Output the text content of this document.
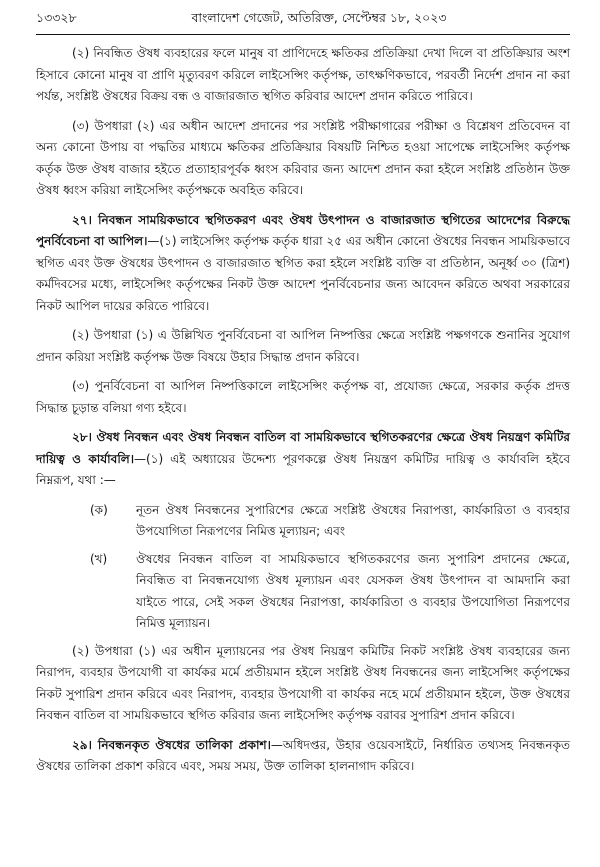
১৩৩২৮	বাংলাদেশ গেজেট, অতিরিক্ত, সেপ্টেম্বর ১৮, ২০২৩

(২) নিবন্ধিত ঔষধ ব্যবহারের ফলে মানুষ বা প্রাণিদেহে ক্ষতিকর প্রতিক্রিয়া দেখা দিলে বা প্রতিক্রিয়ার অংশ হিসাবে কোনো মানুষ বা প্রাণি মৃত্যুবরণ করিলে লাইসেন্সিং কর্তৃপক্ষ, তাৎক্ষণিকভাবে, পরবর্তী নির্দেশ প্রদান না করা পর্যন্ত, সংশ্লিষ্ট ঔষধের বিক্রয় বন্ধ ও বাজারজাত স্থগিত করিবার আদেশ প্রদান করিতে পারিবে।

(৩) উপধারা (২) এর অধীন আদেশ প্রদানের পর সংশ্লিষ্ট পরীক্ষাগারের পরীক্ষা ও বিশ্লেষণ প্রতিবেদন বা অন্য কোনো উপায় বা পদ্ধতির মাধ্যমে ক্ষতিকর প্রতিক্রিয়ার বিষয়টি নিশ্চিত হওয়া সাপেক্ষে লাইসেন্সিং কর্তৃপক্ষ কর্তৃক উক্ত ঔষধ বাজার হইতে প্রত্যাহারপূর্বক ধ্বংস করিবার জন্য আদেশ প্রদান করা হইলে সংশ্লিষ্ট প্রতিষ্ঠান উক্ত ঔষধ ধ্বংস করিয়া লাইসেন্সিং কর্তৃপক্ষকে অবহিত করিবে।

২৭। নিবন্ধন সাময়িকভাবে স্থগিতকরণ এবং ঔষধ উৎপাদন ও বাজারজাত স্থগিতের আদেশের বিরুদ্ধে পুনর্বিবেচনা বা আপিল।—(১) লাইসেন্সিং কর্তৃপক্ষ কর্তৃক ধারা ২৫ এর অধীন কোনো ঔষধের নিবন্ধন সাময়িকভাবে স্থগিত এবং উক্ত ঔষধের উৎপাদন ও বাজারজাত স্থগিত করা হইলে সংশ্লিষ্ট ব্যক্তি বা প্রতিষ্ঠান, অনূর্ধ্ব ৩০ (ত্রিশ) কর্মদিবসের মধ্যে, লাইসেন্সিং কর্তৃপক্ষের নিকট উক্ত আদেশ পুনর্বিবেচনার জন্য আবেদন করিতে অথবা সরকারের নিকট আপিল দায়ের করিতে পারিবে।

(২) উপধারা (১) এ উল্লিখিত পুনর্বিবেচনা বা আপিল নিষ্পত্তির ক্ষেত্রে সংশ্লিষ্ট পক্ষগণকে শুনানির সুযোগ প্রদান করিয়া সংশ্লিষ্ট কর্তৃপক্ষ উক্ত বিষয়ে উহার সিদ্ধান্ত প্রদান করিবে।

(৩) পুনর্বিবেচনা বা আপিল নিষ্পত্তিকালে লাইসেন্সিং কর্তৃপক্ষ বা, প্রযোজ্য ক্ষেত্রে, সরকার কর্তৃক প্রদত্ত সিদ্ধান্ত চূড়ান্ত বলিয়া গণ্য হইবে।

২৮। ঔষধ নিবন্ধন এবং ঔষধ নিবন্ধন বাতিল বা সাময়িকভাবে স্থগিতকরণের ক্ষেত্রে ঔষধ নিয়ন্ত্রণ কমিটির দায়িত্ব ও কার্যাবলি।—(১) এই অধ্যায়ের উদ্দেশ্য পূরণকল্পে ঔষধ নিয়ন্ত্রণ কমিটির দায়িত্ব ও কার্যাবলি হইবে নিম্নরূপ, যথা :—

(ক)	নূতন ঔষধ নিবন্ধনের সুপারিশের ক্ষেত্রে সংশ্লিষ্ট ঔষধের নিরাপত্তা, কার্যকারিতা ও ব্যবহার উপযোগিতা নিরূপণের নিমিত্ত মূল্যায়ন; এবং
(খ)	ঔষধের নিবন্ধন বাতিল বা সাময়িকভাবে স্থগিতকরণের জন্য সুপারিশ প্রদানের ক্ষেত্রে, নিবন্ধিত বা নিবন্ধনযোগ্য ঔষধ মূল্যায়ন এবং যেসকল ঔষধ উৎপাদন বা আমদানি করা যাইতে পারে, সেই সকল ঔষধের নিরাপত্তা, কার্যকারিতা ও ব্যবহার উপযোগিতা নিরূপণের নিমিত্ত মূল্যায়ন।

(২) উপধারা (১) এর অধীন মূল্যায়নের পর ঔষধ নিয়ন্ত্রণ কমিটির নিকট সংশ্লিষ্ট ঔষধ ব্যবহারের জন্য নিরাপদ, ব্যবহার উপযোগী বা কার্যকর মর্মে প্রতীয়মান হইলে সংশ্লিষ্ট ঔষধ নিবন্ধনের জন্য লাইসেন্সিং কর্তৃপক্ষের নিকট সুপারিশ প্রদান করিবে এবং নিরাপদ, ব্যবহার উপযোগী বা কার্যকর নহে মর্মে প্রতীয়মান হইলে, উক্ত ঔষধের নিবন্ধন বাতিল বা সাময়িকভাবে স্থগিত করিবার জন্য লাইসেন্সিং কর্তৃপক্ষ বরাবর সুপারিশ প্রদান করিবে।

২৯। নিবন্ধনকৃত ঔষধের তালিকা প্রকাশ।—অধিদপ্তর, উহার ওয়েবসাইটে, নির্ধারিত তথ্যসহ নিবন্ধনকৃত ঔষধের তালিকা প্রকাশ করিবে এবং, সময় সময়, উক্ত তালিকা হালনাগাদ করিবে।
